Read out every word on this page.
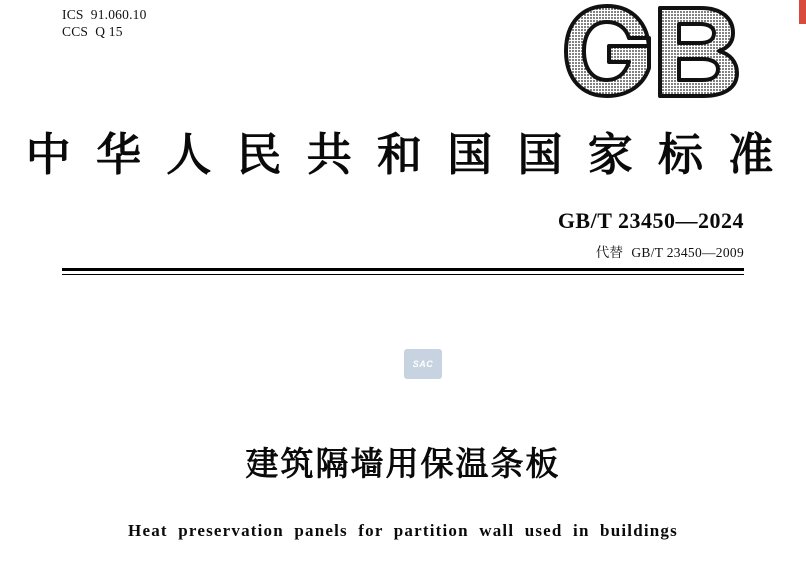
ICS  91.060.10
CCS  Q 15
中 华 人 民 共 和 国 国 家 标 准
GB/T 23450—2024
代替 GB/T 23450—2009
SAC
建筑隔墙用保温条板
Heat preservation panels for partition wall used in buildings
